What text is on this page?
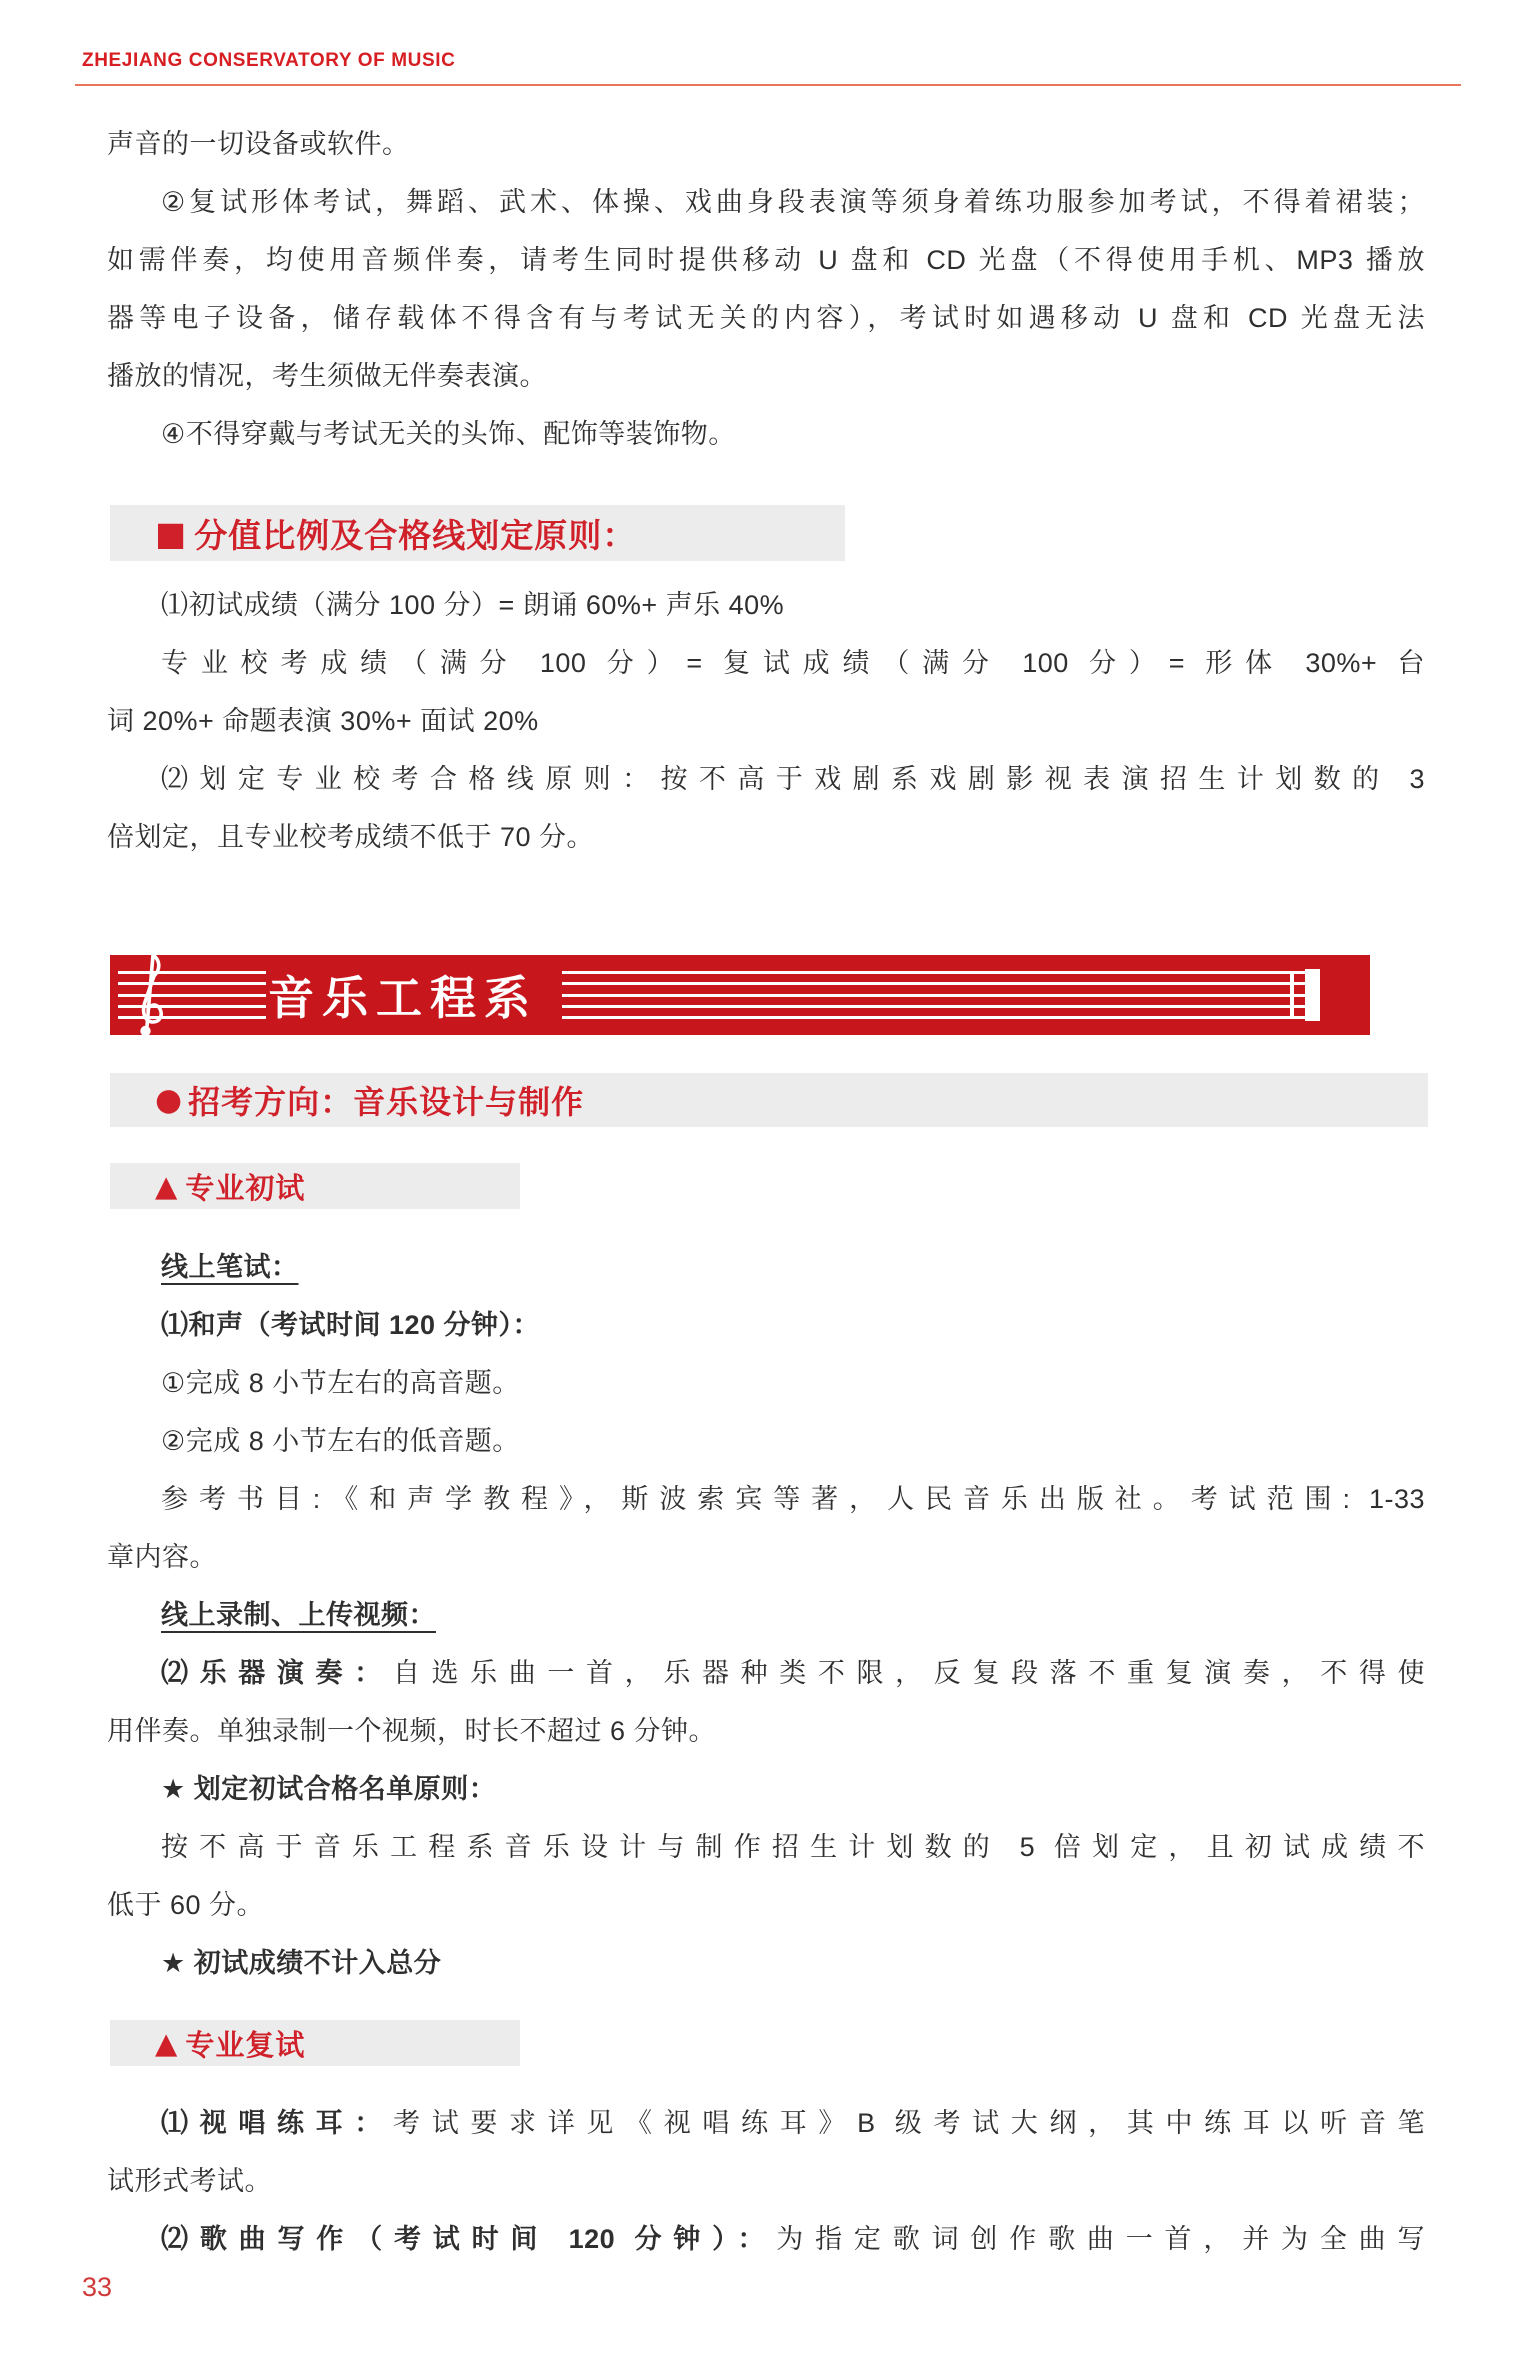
ZHEJIANG CONSERVATORY OF MUSIC

声音的一切设备或软件。

②复试形体考试，舞蹈、武术、体操、戏曲身段表演等须身着练功服参加考试，不得着裙装；

如需伴奏，均使用音频伴奏，请考生同时提供移动 U 盘和 CD 光盘（不得使用手机、MP3 播放

器等电子设备，储存载体不得含有与考试无关的内容），考试时如遇移动 U 盘和 CD 光盘无法

播放的情况，考生须做无伴奏表演。

④不得穿戴与考试无关的头饰、配饰等装饰物。

■ 分值比例及合格线划定原则：

⑴初试成绩（满分 100 分）= 朗诵 60%+ 声乐 40%

专业校考成绩（满分 100 分）= 复试成绩（满分 100 分）= 形体 30%+ 台

词 20%+ 命题表演 30%+ 面试 20%

⑵划定专业校考合格线原则：按不高于戏剧系戏剧影视表演招生计划数的 3

倍划定，且专业校考成绩不低于 70 分。

音乐工程系
● 招考方向：音乐设计与制作
▲ 专业初试

线上笔试：

⑴和声（考试时间 120 分钟）：

①完成 8 小节左右的高音题。

②完成 8 小节左右的低音题。

参考书目:《和声学教程》，斯波索宾等著，人民音乐出版社。考试范围: 1-33

章内容。

线上录制、上传视频：

⑵乐器演奏：自选乐曲一首，乐器种类不限，反复段落不重复演奏，不得使

用伴奏。单独录制一个视频，时长不超过 6 分钟。

★ 划定初试合格名单原则：

按不高于音乐工程系音乐设计与制作招生计划数的 5 倍划定，且初试成绩不

低于 60 分。

★ 初试成绩不计入总分

▲ 专业复试

⑴视唱练耳：考试要求详见《视唱练耳》B 级考试大纲，其中练耳以听音笔

试形式考试。

⑵歌曲写作（考试时间 120 分钟）：为指定歌词创作歌曲一首，并为全曲写

33
